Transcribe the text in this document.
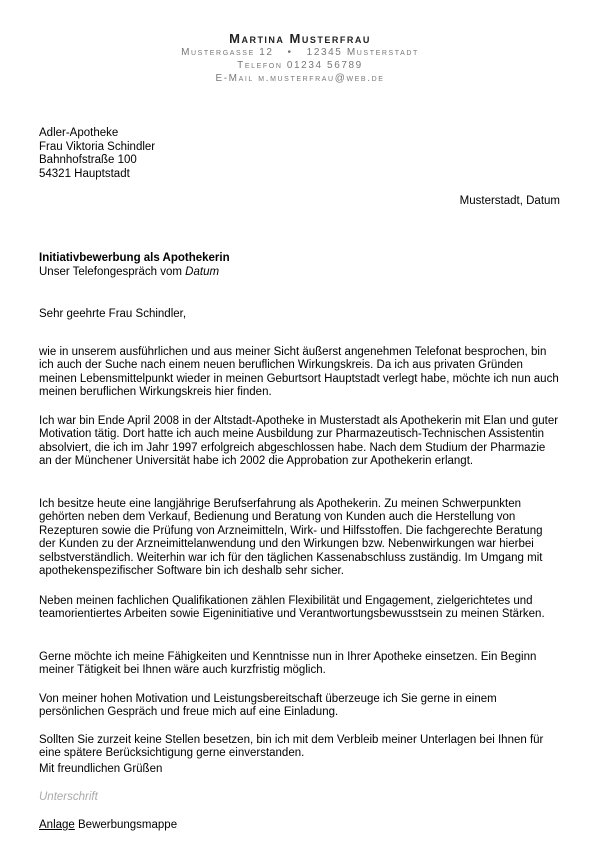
Martina Musterfrau
Mustergasse 12 • 12345 Musterstadt
Telefon 01234 56789
E-Mail m.musterfrau@web.de
Adler-Apotheke
Frau Viktoria Schindler
Bahnhofstraße 100
54321 Hauptstadt
Musterstadt, Datum
Initiativbewerbung als Apothekerin
Unser Telefongespräch vom Datum
Sehr geehrte Frau Schindler,

wie in unserem ausführlichen und aus meiner Sicht äußerst angenehmen Telefonat besprochen, bin ich auch der Suche nach einem neuen beruflichen Wirkungskreis. Da ich aus privaten Gründen meinen Lebensmittelpunkt wieder in meinen Geburtsort Hauptstadt verlegt habe, möchte ich nun auch meinen beruflichen Wirkungskreis hier finden.

Ich war bin Ende April 2008 in der Altstadt-Apotheke in Musterstadt als Apothekerin mit Elan und guter Motivation tätig. Dort hatte ich auch meine Ausbildung zur Pharmazeutisch-Technischen Assistentin absolviert, die ich im Jahr 1997 erfolgreich abgeschlossen habe. Nach dem Studium der Pharmazie an der Münchener Universität habe ich 2002 die Approbation zur Apothekerin erlangt.

Ich besitze heute eine langjährige Berufserfahrung als Apothekerin. Zu meinen Schwerpunkten gehörten neben dem Verkauf, Bedienung und Beratung von Kunden auch die Herstellung von Rezepturen sowie die Prüfung von Arzneimitteln, Wirk- und Hilfsstoffen. Die fachgerechte Beratung der Kunden zu der Arzneimittelanwendung und den Wirkungen bzw. Nebenwirkungen war hierbei selbstverständlich. Weiterhin war ich für den täglichen Kassenabschluss zuständig. Im Umgang mit apothekenspezifischer Software bin ich deshalb sehr sicher.

Neben meinen fachlichen Qualifikationen zählen Flexibilität und Engagement, zielgerichtetes und teamorientiertes Arbeiten sowie Eigeninitiative und Verantwortungsbewusstsein zu meinen Stärken.

Gerne möchte ich meine Fähigkeiten und Kenntnisse nun in Ihrer Apotheke einsetzen. Ein Beginn meiner Tätigkeit bei Ihnen wäre auch kurzfristig möglich.

Von meiner hohen Motivation und Leistungsbereitschaft überzeuge ich Sie gerne in einem persönlichen Gespräch und freue mich auf eine Einladung.

Sollten Sie zurzeit keine Stellen besetzen, bin ich mit dem Verbleib meiner Unterlagen bei Ihnen für eine spätere Berücksichtigung gerne einverstanden.

Mit freundlichen Grüßen
Unterschrift
Anlage Bewerbungsmappe
